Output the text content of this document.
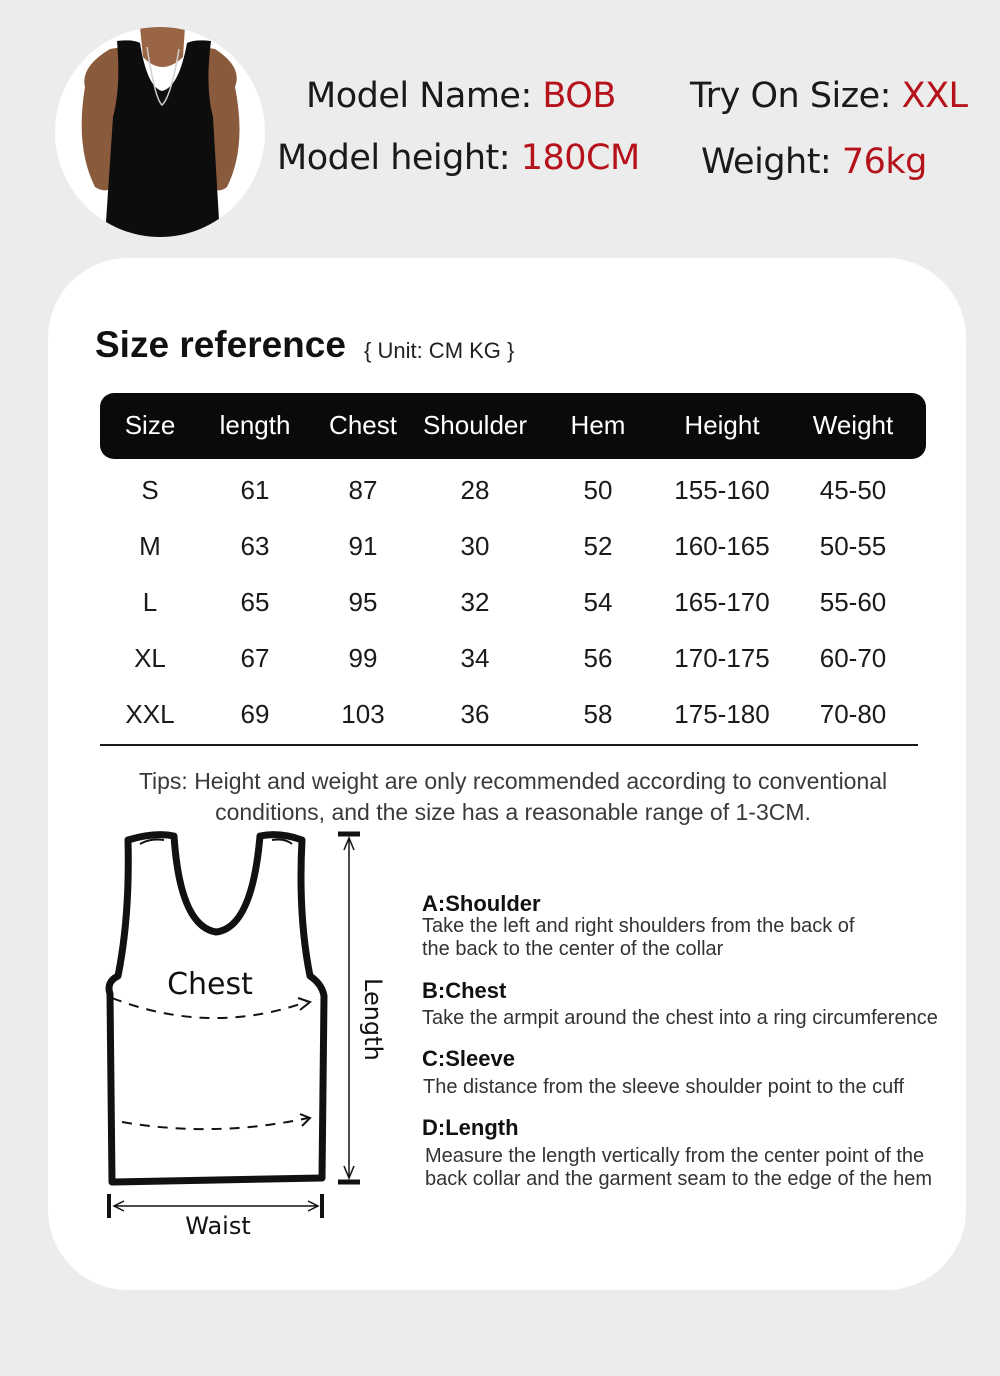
Model Name: BOB
Model height: 180CM
Try On Size: XXL
Weight: 76kg
Size reference { Unit: CM KG }
Size length Chest Shoulder Hem Height Weight
S	61	87	28	50 155-160 45-50
M	63	91	30	52 160-165 50-55
L	65	95	32	54 165-170 55-60
XL	67	99	34	56 170-175 60-70
XXL	69	103	36	58 175-180 70-80
Tips: Height and weight are only recommended according to conventional
conditions, and the size has a reasonable range of 1-3CM.
Chest	Length
Waist
A:Shoulder
Take the left and right shoulders from the back of
the back to the center of the collar
B:Chest
Take the armpit around the chest into a ring circumference
C:Sleeve
The distance from the sleeve shoulder point to the cuff
D:Length
Measure the length vertically from the center point of the
back collar and the garment seam to the edge of the hem
